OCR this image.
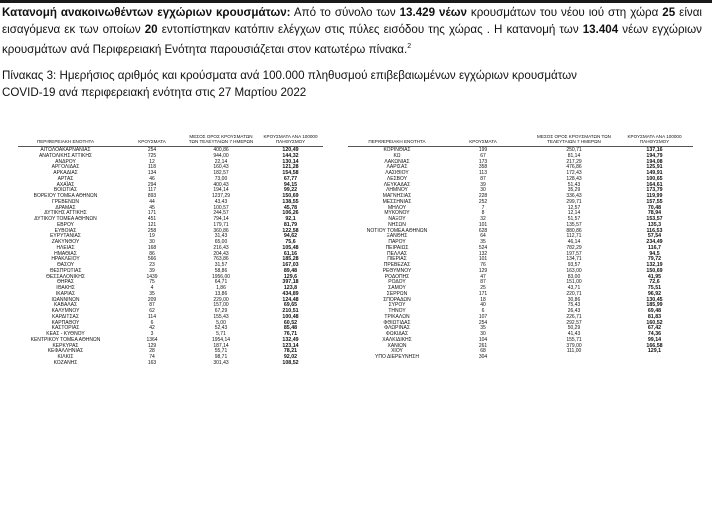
Κατανομή ανακοινωθέντων εγχώριων κρουσμάτων: Από το σύνολο των 13.429 νέων κρουσμάτων του νέου ιού στη χώρα 25 είναι εισαγόμενα εκ των οποίων 20 εντοπίστηκαν κατόπιν ελέγχων στις πύλες εισόδου της χώρας . Η κατανομή των 13.404 νέων εγχώριων κρουσμάτων ανά Περιφερειακή Ενότητα παρουσιάζεται στον κατωτέρω πίνακα.$^2$
Πίνακας 3: Ημερήσιος αριθμός και κρούσματα ανά 100.000 πληθυσμού επιβεβαιωμένων εγχώριων κρουσμάτων
COVID-19 ανά περιφερειακή ενότητα στις 27 Μαρτίου 2022
ΠΕΡΙΦΕΡΕΙΑΚΗ ΕΝΟΤΗΤΑ	ΚΡΟΥΣΜΑΤΑ
ΜΕΣΟΣ ΟΡΟΣ ΚΡΟΥΣΜΑΤΩΝ ΤΩΝ ΤΕΛΕΥΤΑΙΩΝ 7 ΗΜΕΡΩΝ
ΚΡΟΥΣΜΑΤΑ ΑΝΑ 100000 ΠΛΗΘΥΣΜΟΥ
ΑΙΤΩΛΟΑΚΑΡΝΑΝΙΑΣ	254	400,86	120,49
ΑΝΑΤΟΛΙΚΗΣ ΑΤΤΙΚΗΣ	725	944,00	144,32
ΑΝΔΡΟΥ	12	22,14	130,14
ΑΡΓΟΛΙΔΑΣ	118	160,43	121,28
ΑΡΚΑΔΙΑΣ	134	182,57	154,58
ΑΡΤΑΣ	46	73,00	67,77
ΑΧΑΪΑΣ	294	400,43	94,15
ΒΟΙΩΤΙΑΣ	117	194,14	99,22
ΒΟΡΕΙΟΥ ΤΟΜΕΑ ΑΘΗΝΩΝ	893	1237,29	150,69
ΓΡΕΒΕΝΩΝ	44	43,43	138,55
ΔΡΑΜΑΣ	45	100,57	45,78
ΔΥΤΙΚΗΣ ΑΤΤΙΚΗΣ	171	244,57	106,26
ΔΥΤΙΚΟΥ ΤΟΜΕΑ ΑΘΗΝΩΝ	451	794,14	92,1
ΕΒΡΟΥ	121	179,71	81,79
ΕΥΒΟΙΑΣ	258	360,86	122,58
ΕΥΡΥΤΑΝΙΑΣ	19	31,43	94,62
ΖΑΚΥΝΘΟΥ	30	65,00	75,6
ΗΛΕΙΑΣ	168	216,43	105,48
ΗΜΑΘΙΑΣ	86	204,43	61,16
ΗΡΑΚΛΕΙΟΥ	566	763,86	185,28
ΘΑΣΟΥ	23	31,57	167,03
ΘΕΣΠΡΩΤΙΑΣ	39	58,86	89,48
ΘΕΣΣΑΛΟΝΙΚΗΣ	1439	1956,00	129,6
ΘΗΡΑΣ	75	64,71	397,18
ΙΘΑΚΗΣ	4	1,86	123,8
ΙΚΑΡΙΑΣ	35	13,86	434,89
ΙΩΑΝΝΙΝΩΝ	209	229,00	124,48
ΚΑΒΑΛΑΣ	87	157,00	69,65
ΚΑΛΥΜΝΟΥ	62	67,29	210,51
ΚΑΡΔΙΤΣΑΣ	114	155,43	100,48
ΚΑΡΠΑΘΟΥ	6	5,00	60,52
ΚΑΣΤΟΡΙΑΣ	42	52,43	85,48
ΚΕΑΣ - ΚΥΘΝΟΥ	3	5,71	76,71
ΚΕΝΤΡΙΚΟΥ ΤΟΜΕΑ ΑΘΗΝΩΝ	1364	1954,14	132,49
ΚΕΡΚΥΡΑΣ	129	187,14	123,14
ΚΕΦΑΛΛΗΝΙΑΣ	28	55,71	78,21
ΚΙΛΚΙΣ	74	98,71	92,02
ΚΟΖΑΝΗΣ	163	301,43	108,52
ΠΕΡΙΦΕΡΕΙΑΚΗ ΕΝΟΤΗΤΑ	ΚΡΟΥΣΜΑΤΑ
ΜΕΣΟΣ ΟΡΟΣ ΚΡΟΥΣΜΑΤΩΝ ΤΩΝ ΤΕΛΕΥΤΑΙΩΝ 7 ΗΜΕΡΩΝ
ΚΡΟΥΣΜΑΤΑ ΑΝΑ 100000 ΠΛΗΘΥΣΜΟΥ
ΚΟΡΙΝΘΙΑΣ	199	250,71	137,16
ΚΩ	67	81,14	194,79
ΛΑΚΩΝΙΑΣ	173	217,29	194,08
ΛΑΡΙΣΑΣ	358	476,86	125,91
ΛΑΣΙΘΙΟΥ	113	172,43	149,91
ΛΕΣΒΟΥ	87	128,43	100,65
ΛΕΥΚΑΔΑΣ	39	51,43	164,61
ΛΗΜΝΟΥ	30	35,29	173,79
ΜΑΓΝΗΣΙΑΣ	228	336,43	119,99
ΜΕΣΣΗΝΙΑΣ	252	299,71	157,55
ΜΗΛΟΥ	7	12,57	70,48
ΜΥΚΟΝΟΥ	8	12,14	78,94
ΝΑΞΟΥ	32	51,57	153,57
ΝΗΣΩΝ	101	135,57	135,3
ΝΟΤΙΟΥ ΤΟΜΕΑ ΑΘΗΝΩΝ	628	880,86	116,53
ΞΑΝΘΗΣ	64	112,71	57,54
ΠΑΡΟΥ	35	46,14	234,49
ΠΕΙΡΑΙΩΣ	524	782,29	116,7
ΠΕΛΛΑΣ	132	197,57	94,5
ΠΙΕΡΙΑΣ	101	134,71	79,72
ΠΡΕΒΕΖΑΣ	76	93,57	132,19
ΡΕΘΥΜΝΟΥ	129	163,00	150,69
ΡΟΔΟΠΗΣ	47	83,00	41,95
ΡΟΔΟΥ	87	151,00	72,6
ΣΑΜΟΥ	25	43,71	75,51
ΣΕΡΡΩΝ	171	220,71	96,92
ΣΠΟΡΑΔΩΝ	18	30,86	130,45
ΣΥΡΟΥ	40	75,43	185,99
ΤΗΝΟΥ	6	26,43	69,48
ΤΡΙΚΑΛΩΝ	107	226,71	81,83
ΦΘΙΩΤΙΔΑΣ	254	292,57	160,52
ΦΛΩΡΙΝΑΣ	35	50,29	67,42
ΦΩΚΙΔΑΣ	30	41,43	74,36
ΧΑΛΚΙΔΙΚΗΣ	104	155,71	99,14
ΧΑΝΙΩΝ	261	379,00	166,58
ΧΙΟΥ	68	111,00	129,1
ΥΠΟ ΔΙΕΡΕΥΝΗΣΗ	304
